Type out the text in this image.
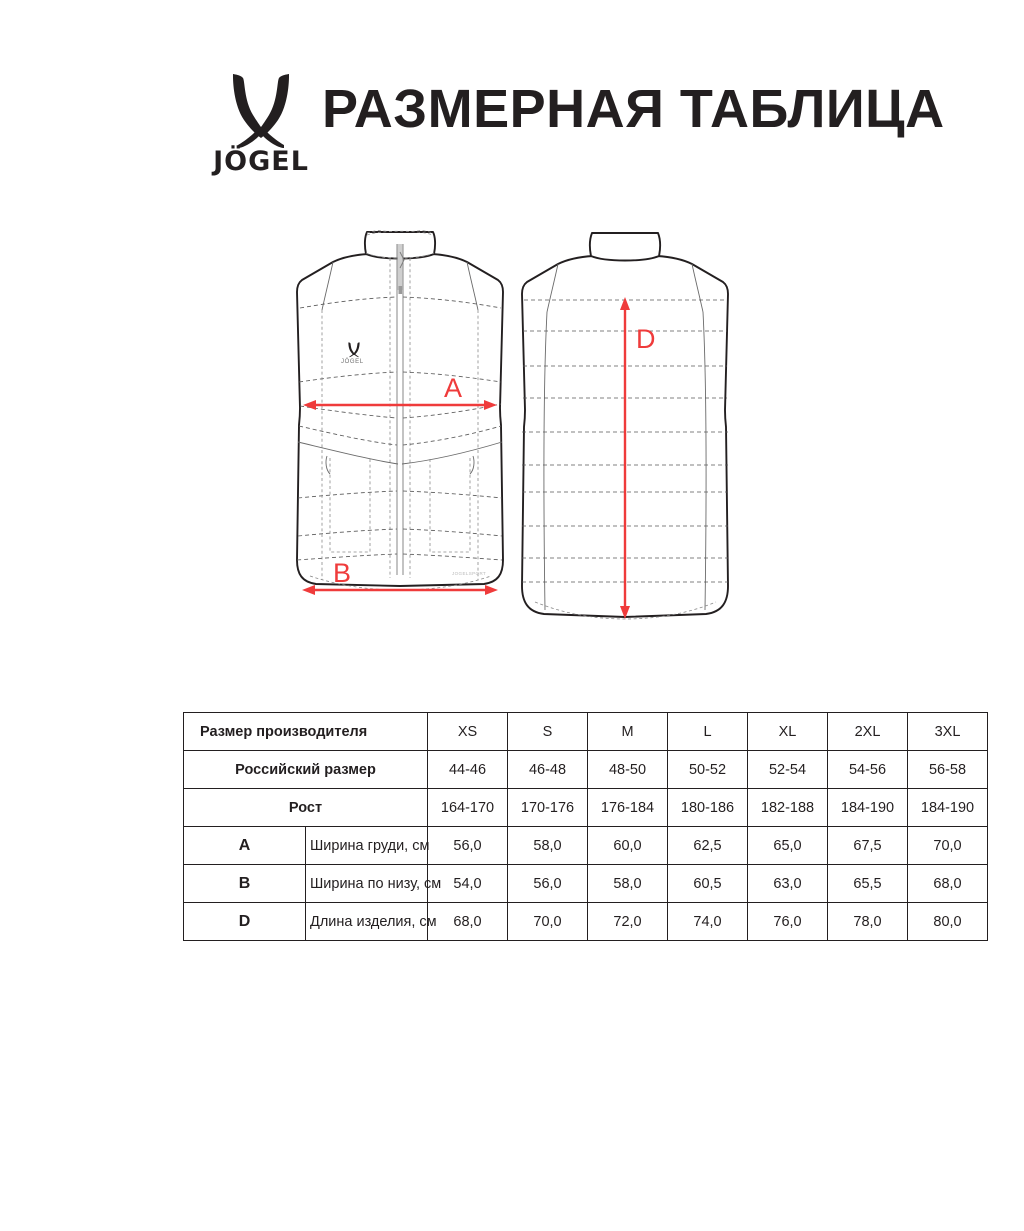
JÖGEL
РАЗМЕРНАЯ ТАБЛИЦА
JÖGEL
JOGELSPORT
A
B
D
Размер производителя		XS	S	M	L	XL	2XL	3XL
Российский размер		44-46	46-48	48-50	50-52	52-54	54-56	56-58
Рост		164-170	170-176	176-184	180-186	182-188	184-190	184-190
A	Ширина груди, см	56,0	58,0	60,0	62,5	65,0	67,5	70,0
B	Ширина по низу, см	54,0	56,0	58,0	60,5	63,0	65,5	68,0
D	Длина изделия, см	68,0	70,0	72,0	74,0	76,0	78,0	80,0
